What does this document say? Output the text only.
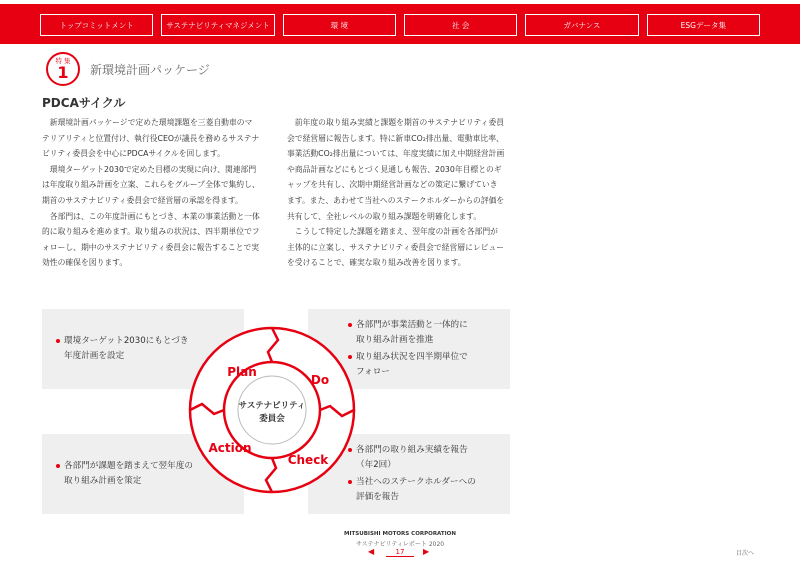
トップコミットメント	サステナビリティマネジメント	環 境	社 会	ガバナンス	ESGデータ集
特 集
1 新環境計画パッケージ
PDCAサイクル

新環境計画パッケージで定めた環境課題を三菱自動車のマテリアリティと位置付け、執行役CEOが議長を務めるサステナビリティ委員会を中心にPDCAサイクルを回します。

環境ターゲット2030で定めた目標の実現に向け、関連部門は年度取り組み計画を立案、これらをグループ全体で集約し、期首のサステナビリティ委員会で経営層の承認を得ます。

各部門は、この年度計画にもとづき、本業の事業活動と一体的に取り組みを進めます。取り組みの状況は、四半期単位でフォローし、期中のサステナビリティ委員会に報告することで実効性の確保を図ります。

前年度の取り組み実績と課題を期首のサステナビリティ委員会で経営層に報告します。特に新車CO₂排出量、電動車比率、事業活動CO₂排出量については、年度実績に加え中期経営計画や商品計画などにもとづく見通しも報告、2030年目標とのギャップを共有し、次期中期経営計画などの策定に繋げていきます。また、あわせて当社へのステークホルダーからの評価を共有して、全社レベルの取り組み課題を明確化します。

こうして特定した課題を踏まえ、翌年度の計画を各部門が主体的に立案し、サステナビリティ委員会で経営層にレビューを受けることで、確実な取り組み改善を図ります。

環境ターゲット2030にもとづき
年度計画を設定
各部門が事業活動と一体的に
取り組み計画を推進
取り組み状況を四半期単位で
フォロー
各部門が課題を踏まえて翌年度の
取り組み計画を策定
各部門の取り組み実績を報告
（年2回）
当社へのステークホルダーへの
評価を報告
Plan
Do
Check
Action
サステナビリティ
委員会
MITSUBISHI MOTORS CORPORATION
サステナビリティレポート 2020
◀	17	▶	目次へ
